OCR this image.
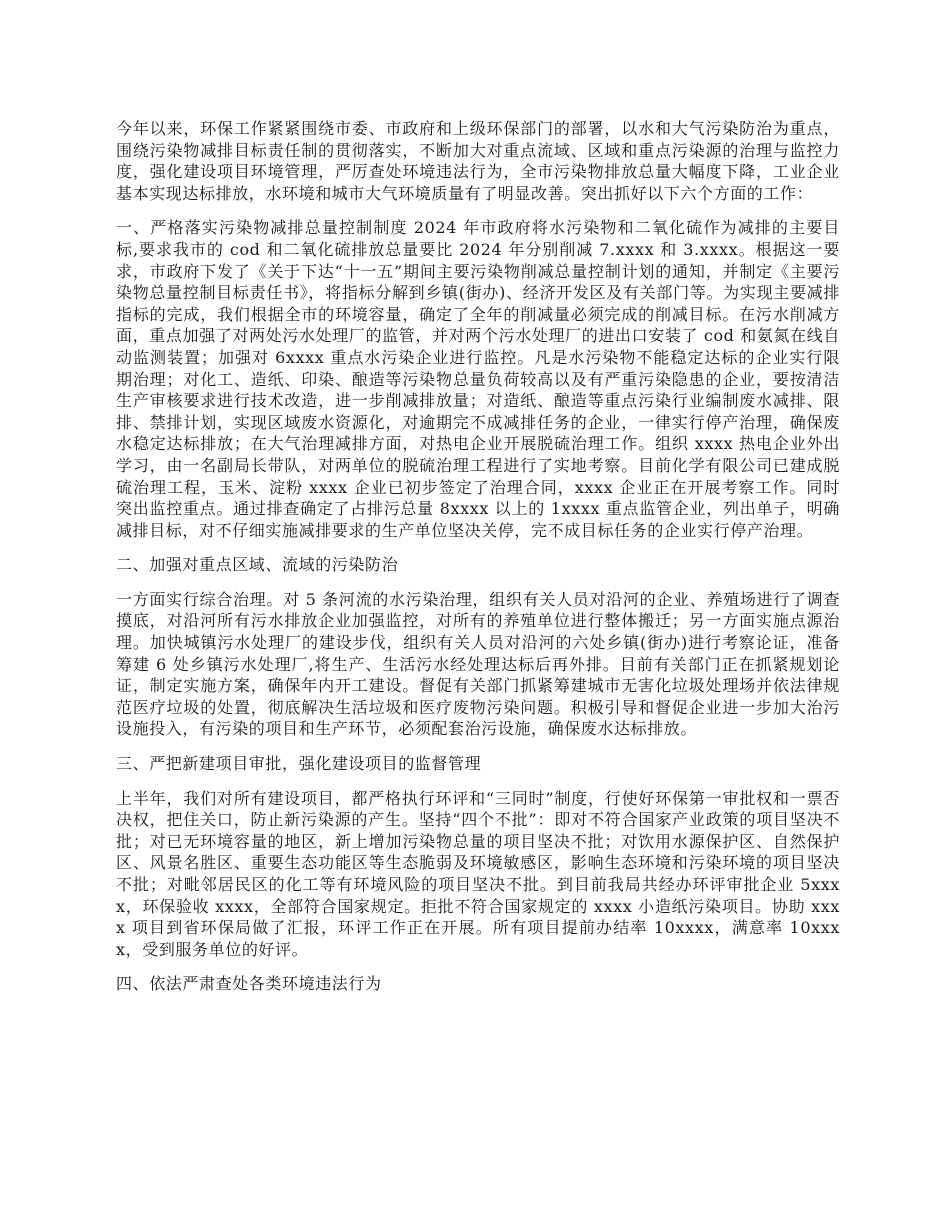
今年以来，环保工作紧紧围绕市委、市政府和上级环保部门的部署，以水和大气污染防治为重点，围绕污染物减排目标责任制的贯彻落实，不断加大对重点流域、区域和重点污染源的治理与监控力度，强化建设项目环境管理，严厉查处环境违法行为，全市污染物排放总量大幅度下降，工业企业基本实现达标排放，水环境和城市大气环境质量有了明显改善。突出抓好以下六个方面的工作：

一、严格落实污染物减排总量控制制度 2024 年市政府将水污染物和二氧化硫作为减排的主要目标,要求我市的 cod 和二氧化硫排放总量要比 2024 年分别削减 7.xxxx 和 3.xxxx。根据这一要求，市政府下发了《关于下达“十一五”期间主要污染物削减总量控制计划的通知，并制定《主要污染物总量控制目标责任书》，将指标分解到乡镇(街办)、经济开发区及有关部门等。为实现主要减排指标的完成，我们根据全市的环境容量，确定了全年的削减量必须完成的削减目标。在污水削减方面，重点加强了对两处污水处理厂的监管，并对两个污水处理厂的进出口安装了 cod 和氨氮在线自动监测装置；加强对 6xxxx 重点水污染企业进行监控。凡是水污染物不能稳定达标的企业实行限期治理；对化工、造纸、印染、酿造等污染物总量负荷较高以及有严重污染隐患的企业，要按清洁生产审核要求进行技术改造，进一步削减排放量；对造纸、酿造等重点污染行业编制废水减排、限排、禁排计划，实现区域废水资源化，对逾期完不成减排任务的企业，一律实行停产治理，确保废水稳定达标排放；在大气治理减排方面，对热电企业开展脱硫治理工作。组织 xxxx 热电企业外出学习，由一名副局长带队，对两单位的脱硫治理工程进行了实地考察。目前化学有限公司已建成脱硫治理工程，玉米、淀粉 xxxx 企业已初步签定了治理合同，xxxx 企业正在开展考察工作。同时突出监控重点。通过排查确定了占排污总量 8xxxx 以上的 1xxxx 重点监管企业，列出单子，明确减排目标，对不仔细实施减排要求的生产单位坚决关停，完不成目标任务的企业实行停产治理。

二、加强对重点区域、流域的污染防治

一方面实行综合治理。对 5 条河流的水污染治理，组织有关人员对沿河的企业、养殖场进行了调查摸底，对沿河所有污水排放企业加强监控，对所有的养殖单位进行整体搬迁；另一方面实施点源治理。加快城镇污水处理厂的建设步伐，组织有关人员对沿河的六处乡镇(街办)进行考察论证，准备筹建 6 处乡镇污水处理厂,将生产、生活污水经处理达标后再外排。目前有关部门正在抓紧规划论证，制定实施方案，确保年内开工建设。督促有关部门抓紧筹建城市无害化垃圾处理场并依法律规范医疗垃圾的处置，彻底解决生活垃圾和医疗废物污染问题。积极引导和督促企业进一步加大治污设施投入，有污染的项目和生产环节，必须配套治污设施，确保废水达标排放。

三、严把新建项目审批，强化建设项目的监督管理

上半年，我们对所有建设项目，都严格执行环评和“三同时”制度，行使好环保第一审批权和一票否决权，把住关口，防止新污染源的产生。坚持“四个不批”：即对不符合国家产业政策的项目坚决不批；对已无环境容量的地区，新上增加污染物总量的项目坚决不批；对饮用水源保护区、自然保护区、风景名胜区、重要生态功能区等生态脆弱及环境敏感区，影响生态环境和污染环境的项目坚决不批；对毗邻居民区的化工等有环境风险的项目坚决不批。到目前我局共经办环评审批企业 5xxxx，环保验收 xxxx，全部符合国家规定。拒批不符合国家规定的 xxxx 小造纸污染项目。协助 xxxx 项目到省环保局做了汇报，环评工作正在开展。所有项目提前办结率 10xxxx，满意率 10xxxx，受到服务单位的好评。

四、依法严肃查处各类环境违法行为
